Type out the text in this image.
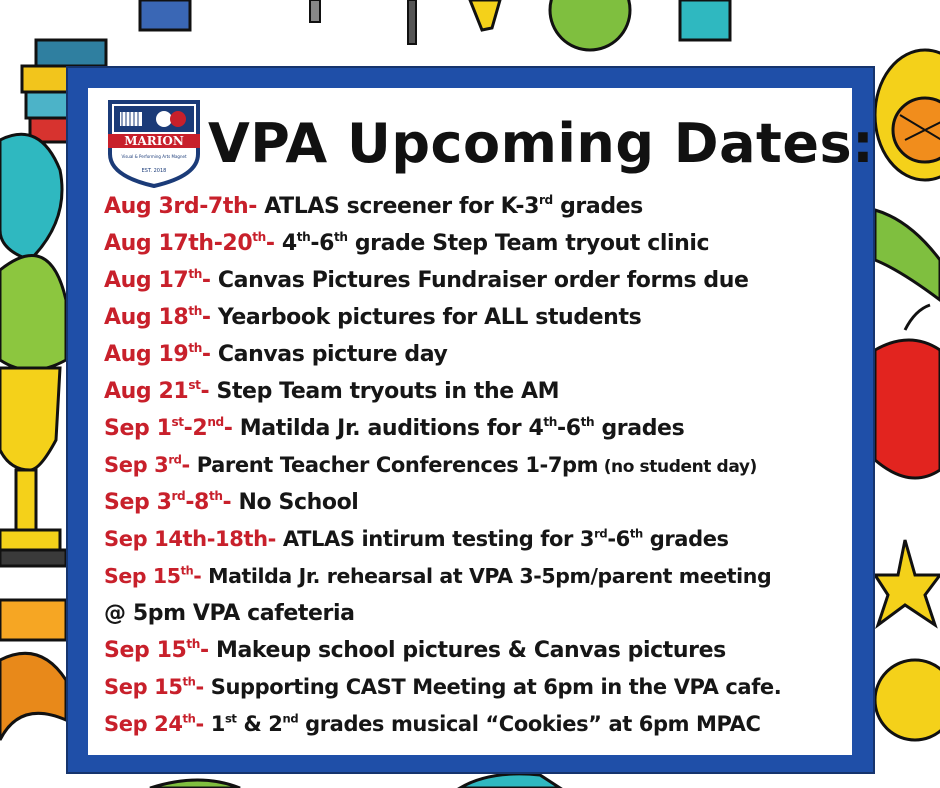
MARION
Visual & Performing Arts Magnet
EST. 2018 VPA Upcoming Dates:
Aug 3rd-7th- ATLAS screener for K-3rd grades
Aug 17th-20th- 4th-6th grade Step Team tryout clinic
Aug 17th- Canvas Pictures Fundraiser order forms due
Aug 18th- Yearbook pictures for ALL students
Aug 19th- Canvas picture day
Aug 21st- Step Team tryouts in the AM
Sep 1st-2nd- Matilda Jr. auditions for 4th-6th grades
Sep 3rd- Parent Teacher Conferences 1-7pm (no student day)
Sep 3rd-8th- No School
Sep 14th-18th- ATLAS intirum testing for 3rd-6th grades
Sep 15th- Matilda Jr. rehearsal at VPA 3-5pm/parent meeting
@ 5pm VPA cafeteria
Sep 15th- Makeup school pictures & Canvas pictures
Sep 15th- Supporting CAST Meeting at 6pm in the VPA cafe.
Sep 24th- 1st & 2nd grades musical “Cookies” at 6pm MPAC
